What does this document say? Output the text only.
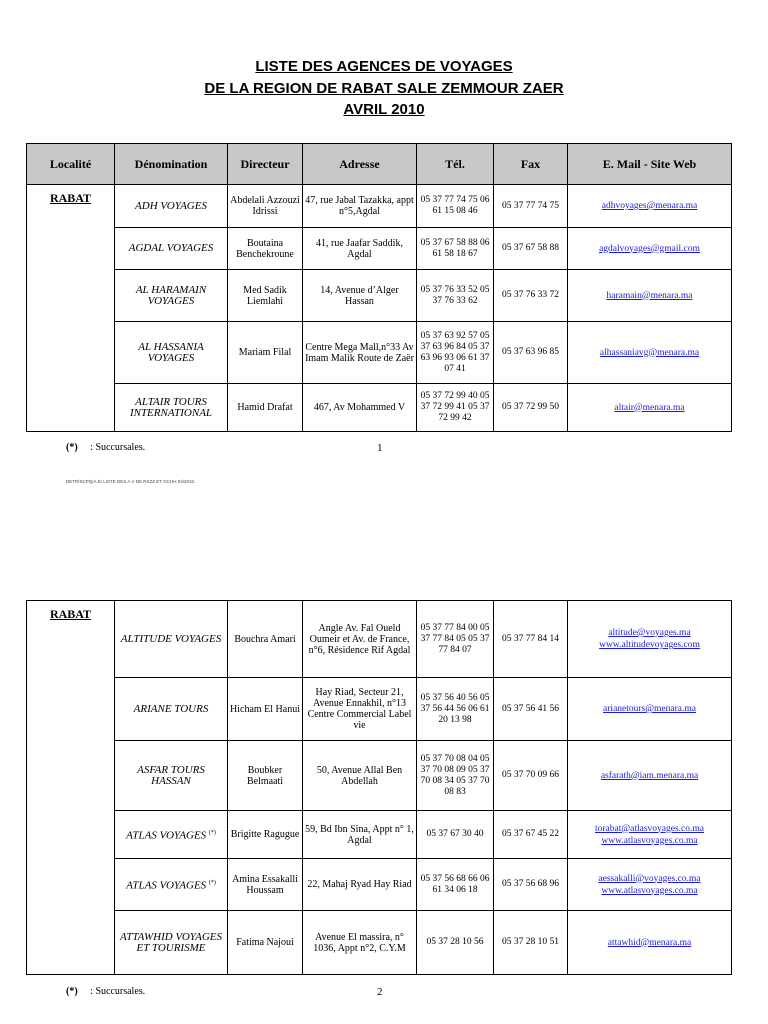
LISTE DES AGENCES DE VOYAGES
DE LA REGION DE RABAT SALE ZEMMOUR ZAER
AVRIL 2010
Localité	Dénomination	Directeur	Adresse	Tél.	Fax	E. Mail - Site Web
RABAT	ADH VOYAGES	Abdelali Azzouzi Idrissi	47, rue Jabal Tazakka, appt n°5,Agdal	05 37 77 74 75 06 61 15 08 46	05 37 77 74 75	adhvoyages@menara.ma
	AGDAL VOYAGES	Boutaina Benchekroune	41, rue Jaafar Saddik, Agdal	05 37 67 58 88 06 61 58 18 67	05 37 67 58 88	agdalvoyages@gmail.com
	AL HARAMAIN VOYAGES	Med Sadik Liemlahi	14, Avenue d’Alger Hassan	05 37 76 33 52 05 37 76 33 62	05 37 76 33 72	haramain@menara.ma
	AL HASSANIA VOYAGES	Mariam Filal	Centre Mega Mall,n°33 Av Imam Malik Route de Zaër	05 37 63 92 57 05 37 63 96 84 05 37 63 96 93 06 61 37 07 41	05 37 63 96 85	alhassaniavg@menara.ma
	ALTAIR TOURS INTERNATIONAL	Hamid Drafat	467, Av Mohammed V	05 37 72 99 40 05 37 72 99 41 05 37 72 99 42	05 37 72 99 50	altair@menara.ma
(*) : Succursales.	1
DETR/SCPQ/A.E/ LISTE DES A.V DE RSZZ ET GCHH 04/2010.
RABAT	ALTITUDE VOYAGES	Bouchra Amari	Angle Av. Fal Oueld Oumeir et Av. de France, n°6, Résidence Rif Agdal	05 37 77 84 00 05 37 77 84 05 05 37 77 84 07	05 37 77 84 14	altitude@voyages.ma
www.altitudevoyages.com
	ARIANE TOURS	Hicham El Hanui	Hay Riad, Secteur 21, Avenue Ennakhil, n°13 Centre Commercial Label vie	05 37 56 40 56 05 37 56 44 56 06 61 20 13 98	05 37 56 41 56	arianetours@menara.ma
	ASFAR TOURS HASSAN	Boubker Belmaati	50, Avenue Allal Ben Abdellah	05 37 70 08 04 05 37 70 08 09 05 37 70 08 34 05 37 70 08 83	05 37 70 09 66	asfarath@iam.menara.ma
	ATLAS VOYAGES (*)	Brigitte Ragugue	59, Bd Ibn Sina, Appt n° 1, Agdal	05 37 67 30 40	05 37 67 45 22	torabat@atlasvoyages.co.ma
www.atlasvoyages.co.ma
	ATLAS VOYAGES (*)	Amina Essakalli Houssam	22, Mahaj Ryad Hay Riad	05 37 56 68 66 06 61 34 06 18	05 37 56 68 96	aessakalli@voyages.co.ma
www.atlasvoyages.co.ma
	ATTAWHID VOYAGES ET TOURISME	Fatima Najoui	Avenue El massira, n° 1036, Appt n°2, C.Y.M	05 37 28 10 56	05 37 28 10 51	attawhid@menara.ma
(*) : Succursales.	2
